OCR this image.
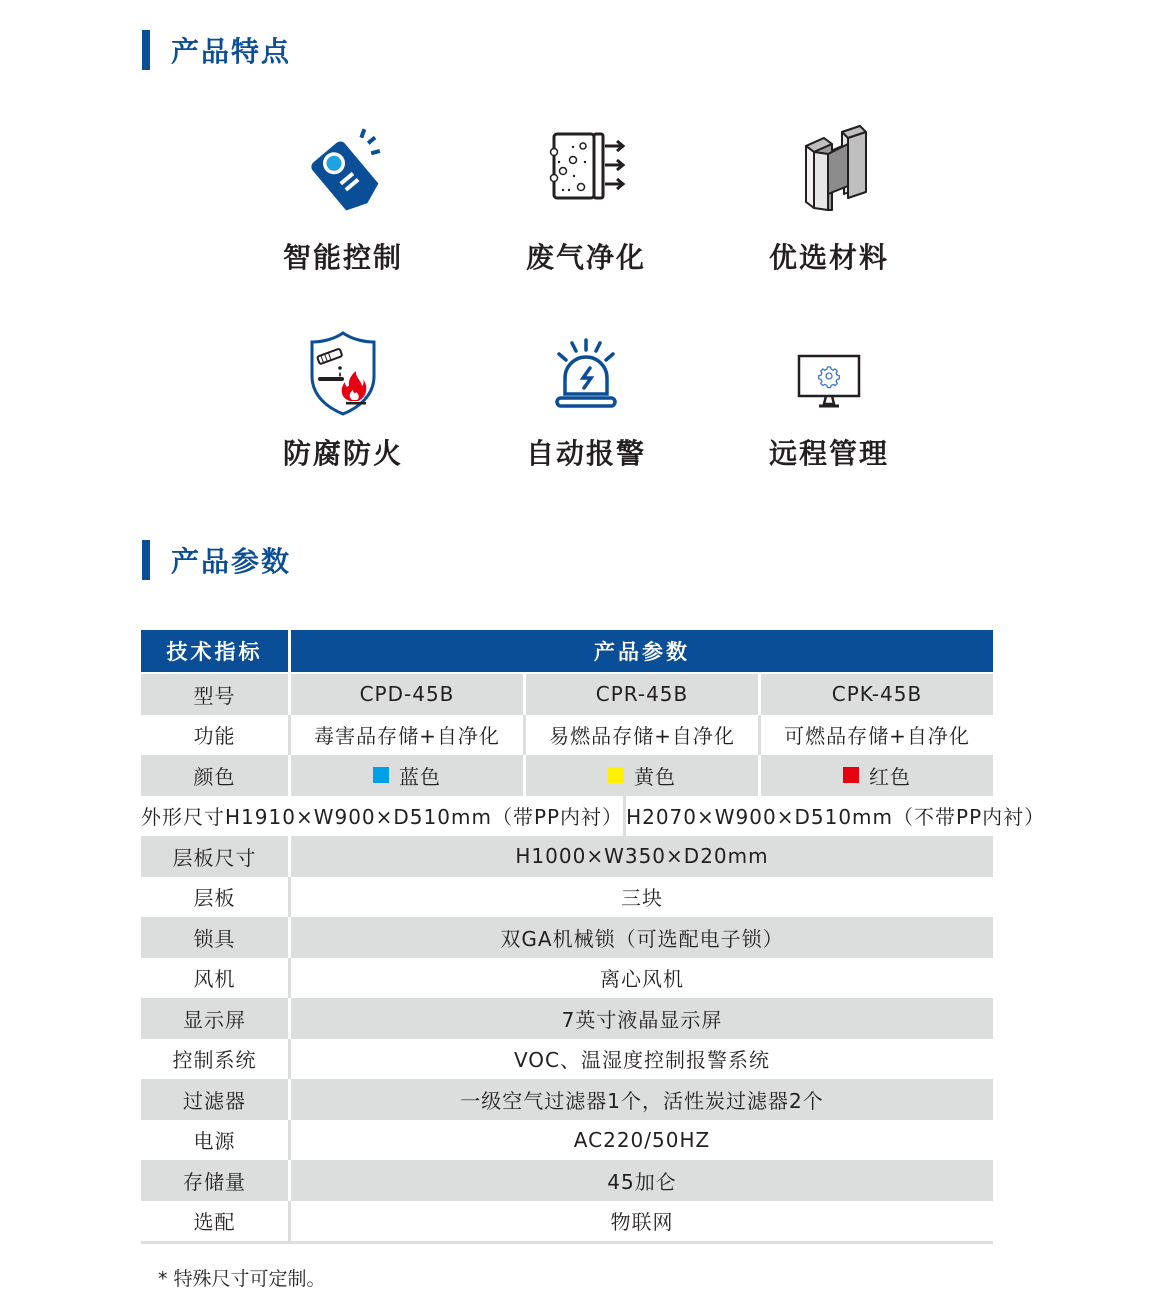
产品特点
智能控制	废气净化	优选材料
防腐防火	自动报警	远程管理
产品参数
技术指标	产品参数
型号	CPD-45B	CPR-45B	CPK-45B
功能	毒害品存储+自净化	易燃品存储+自净化	可燃品存储+自净化
颜色	蓝色	黄色	红色
外形尺寸 H1910×W900×D510mm（带PP内衬） H2070×W900×D510mm（不带PP内衬）
层板尺寸	H1000×W350×D20mm
层板	三块
锁具	双GA机械锁（可选配电子锁）
风机	离心风机
显示屏	7英寸液晶显示屏
控制系统	VOC、温湿度控制报警系统
过滤器	一级空气过滤器1个，活性炭过滤器2个
电源	AC220/50HZ
存储量	45加仑
选配	物联网
* 特殊尺寸可定制。
